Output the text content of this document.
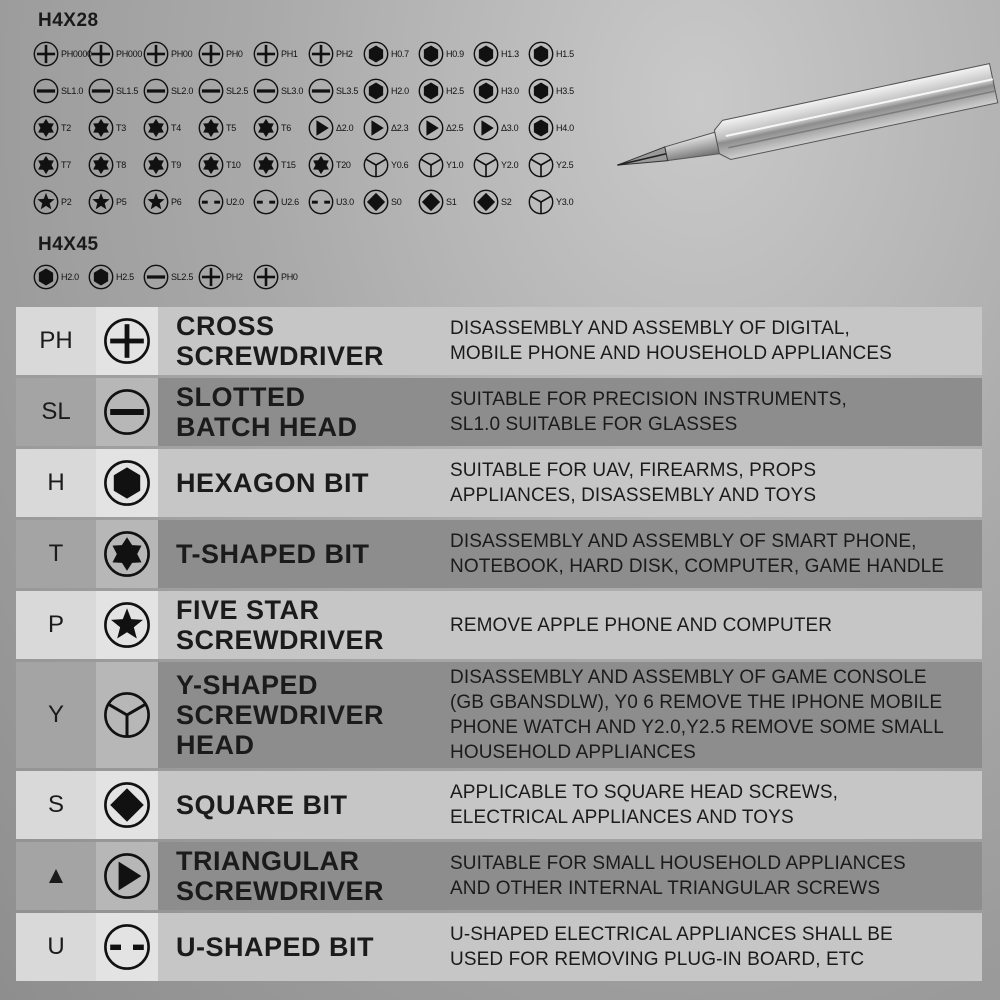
H4X28
PH0000	PH000	PH00	PH0	PH1	PH2	H0.7	H0.9	H1.3	H1.5
SL1.0	SL1.5	SL2.0	SL2.5	SL3.0	SL3.5	H2.0	H2.5	H3.0	H3.5
T2	T3	T4	T5	T6	Δ2.0	Δ2.3	Δ2.5	Δ3.0	H4.0
T7	T8	T9	T10	T15	T20	Y0.6	Y1.0	Y2.0	Y2.5
P2	P5	P6	U2.0	U2.6	U3.0	S0	S1	S2	Y3.0
H4X45
H2.0	H2.5	SL2.5	PH2	PH0
PH		CROSS
SCREWDRIVER	DISASSEMBLY AND ASSEMBLY OF DIGITAL,
MOBILE PHONE AND HOUSEHOLD APPLIANCES
SL		SLOTTED
BATCH HEAD	SUITABLE FOR PRECISION INSTRUMENTS,
SL1.0 SUITABLE FOR GLASSES
H		HEXAGON BIT	SUITABLE FOR UAV, FIREARMS, PROPS
APPLIANCES, DISASSEMBLY AND TOYS
T		T-SHAPED BIT	DISASSEMBLY AND ASSEMBLY OF SMART PHONE,
NOTEBOOK, HARD DISK, COMPUTER, GAME HANDLE
P		FIVE STAR
SCREWDRIVER	REMOVE APPLE PHONE AND COMPUTER
Y		Y-SHAPED
SCREWDRIVER
HEAD	DISASSEMBLY AND ASSEMBLY OF GAME CONSOLE
(GB GBANSDLW), Y0 6 REMOVE THE IPHONE MOBILE
PHONE WATCH AND Y2.0,Y2.5 REMOVE SOME SMALL
HOUSEHOLD APPLIANCES
S		SQUARE BIT	APPLICABLE TO SQUARE HEAD SCREWS,
ELECTRICAL APPLIANCES AND TOYS
▲		TRIANGULAR
SCREWDRIVER	SUITABLE FOR SMALL HOUSEHOLD APPLIANCES
AND OTHER INTERNAL TRIANGULAR SCREWS
U		U-SHAPED BIT	U-SHAPED ELECTRICAL APPLIANCES SHALL BE
USED FOR REMOVING PLUG-IN BOARD, ETC
